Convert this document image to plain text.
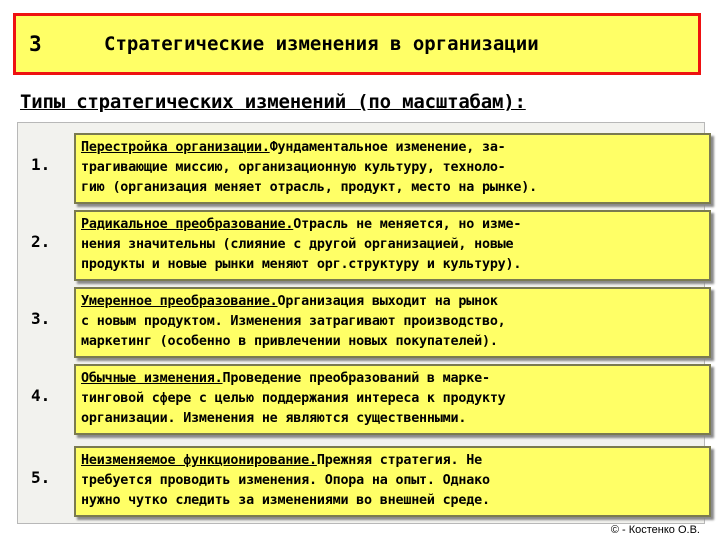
3	Стратегические изменения в организации
Типы стратегических изменений (по масштабам):
1.
Перестройка организации.Фундаментальное изменение, за-
трагивающие миссию, организационную культуру, техноло-
гию (организация меняет отрасль, продукт, место на рынке).
2.
Радикальное преобразование.Отрасль не меняется, но изме-
нения значительны (слияние с другой организацией, новые
продукты и новые рынки меняют орг.структуру и культуру).
3.
Умеренное преобразование.Организация выходит на рынок
с новым продуктом. Изменения затрагивают производство,
маркетинг (особенно в привлечении новых покупателей).
4.
Обычные изменения.Проведение преобразований в марке-
тинговой сфере с целью поддержания интереса к продукту
организации. Изменения не являются существенными.
5.
Неизменяемое функционирование.Прежняя стратегия. Не
требуется проводить изменения. Опора на опыт. Однако
нужно чутко следить за изменениями во внешней среде.
© - Костенко О.В.
